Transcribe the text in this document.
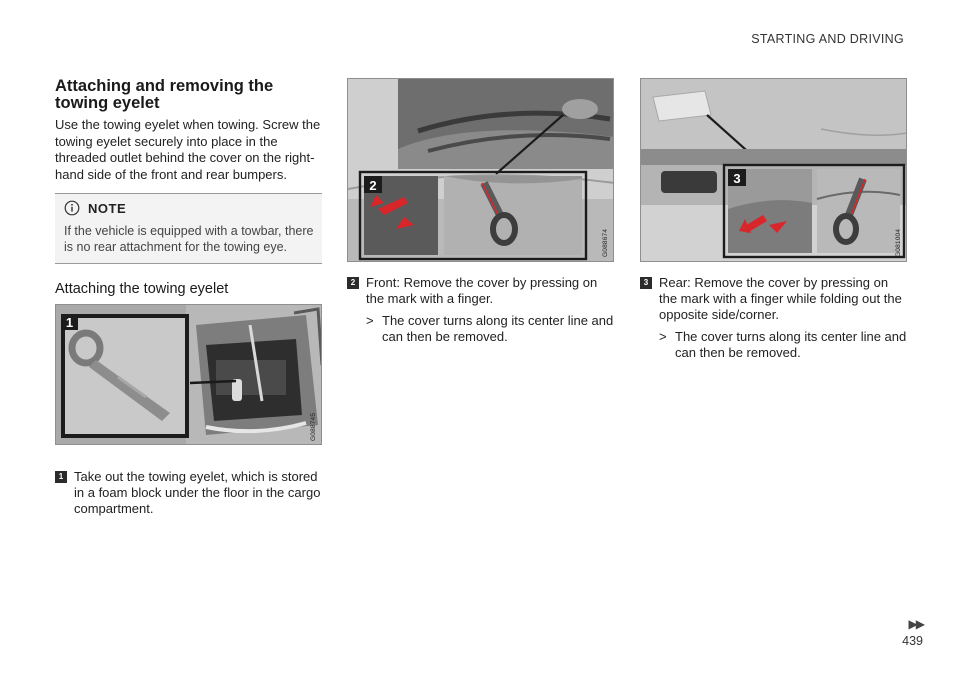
STARTING AND DRIVING
Attaching and removing the towing eyelet

Use the towing eyelet when towing. Screw the towing eyelet securely into place in the threaded outlet behind the cover on the right-hand side of the front and rear bumpers.

NOTE

If the vehicle is equipped with a towbar, there is no rear attachment for the towing eye.

Attaching the towing eyelet
1
G088745
1 Take out the towing eyelet, which is stored in a foam block under the floor in the cargo compartment.
2
G088674
2 Front: Remove the cover by pressing on the mark with a finger.
> The cover turns along its center line and can then be removed.
3
G081004
3 Rear: Remove the cover by pressing on the mark with a finger while folding out the opposite side/corner.
> The cover turns along its center line and can then be removed.
▶▶
439
